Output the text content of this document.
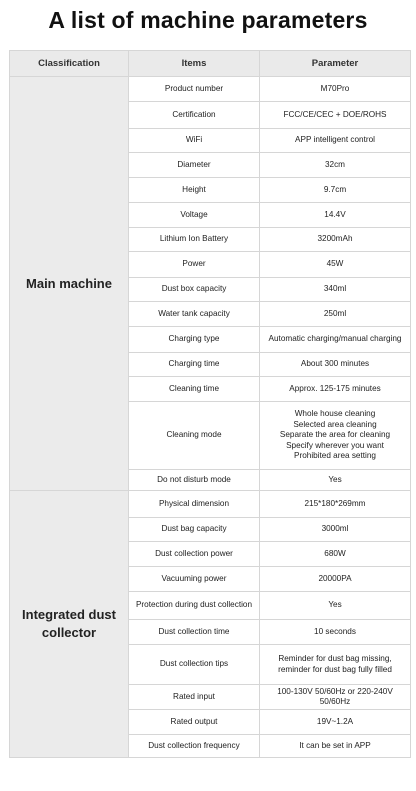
A list of machine parameters
Classification	Items	Parameter
Main machine	Product number	M70Pro

	Certification	FCC/CE/CEC + DOE/ROHS

	WiFi	APP intelligent control

	Diameter	32cm

	Height	9.7cm

	Voltage	14.4V

	Lithium Ion Battery	3200mAh

	Power	45W

	Dust box capacity	340ml

	Water tank capacity	250ml

	Charging type	Automatic charging/manual charging

	Charging time	About 300 minutes

	Cleaning time	Approx. 125-175 minutes

	Cleaning mode	Whole house cleaning
Selected area cleaning
Separate the area for cleaning
Specify wherever you want
Prohibited area setting

	Do not disturb mode	Yes

Integrated dust collector	Physical dimension	215*180*269mm

	Dust bag capacity	3000ml

	Dust collection power	680W

	Vacuuming power	20000PA

	Protection during dust collection	Yes

	Dust collection time	10 seconds

	Dust collection tips	Reminder for dust bag missing,
reminder for dust bag fully filled

	Rated input	100-130V 50/60Hz or 220-240V 50/60Hz

	Rated output	19V~1.2A

	Dust collection frequency	It can be set in APP
